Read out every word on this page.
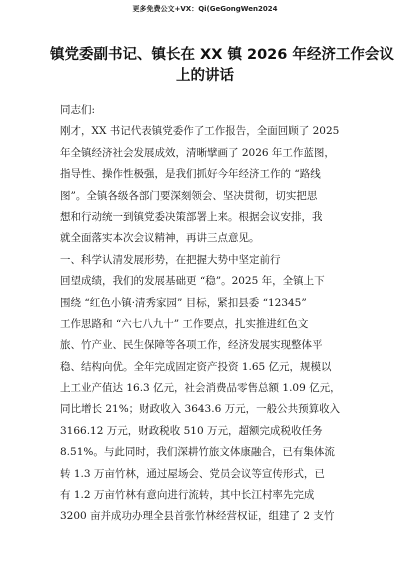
更多免费公文+VX：Qi(GeGongWen2024
镇党委副书记、镇长在 XX 镇 2026 年经济工作会议
上的讲话
同志们:
刚才，XX 书记代表镇党委作了工作报告，全面回顾了 2025
年全镇经济社会发展成效，清晰擘画了 2026 年工作蓝图，
指导性、操作性极强，是我们抓好今年经济工作的 “路线
图”。全镇各级各部门要深刻领会、坚决贯彻，切实把思
想和行动统一到镇党委决策部署上来。根据会议安排，我
就全面落实本次会议精神，再讲三点意见。
一、科学认清发展形势，在把握大势中坚定前行
回望成绩，我们的发展基础更 “稳”。2025 年，全镇上下
围绕 “红色小镇·清秀家园” 目标，紧扣县委 “12345”
工作思路和 “六七八九十” 工作要点，扎实推进红色文
旅、竹产业、民生保障等各项工作，经济发展实现整体平
稳、结构向优。全年完成固定资产投资 1.65 亿元，规模以
上工业产值达 16.3 亿元，社会消费品零售总额 1.09 亿元，
同比增长 21%；财政收入 3643.6 万元，一般公共预算收入
3166.12 万元，财政税收 510 万元，超额完成税收任务
8.51%。与此同时，我们深耕竹旅文体康融合，已有集体流
转 1.3 万亩竹林，通过屋场会、党员会议等宣传形式，已
有 1.2 万亩竹林有意向进行流转，其中长江村率先完成
3200 亩并成功办理全县首张竹林经营权证，组建了 2 支竹
